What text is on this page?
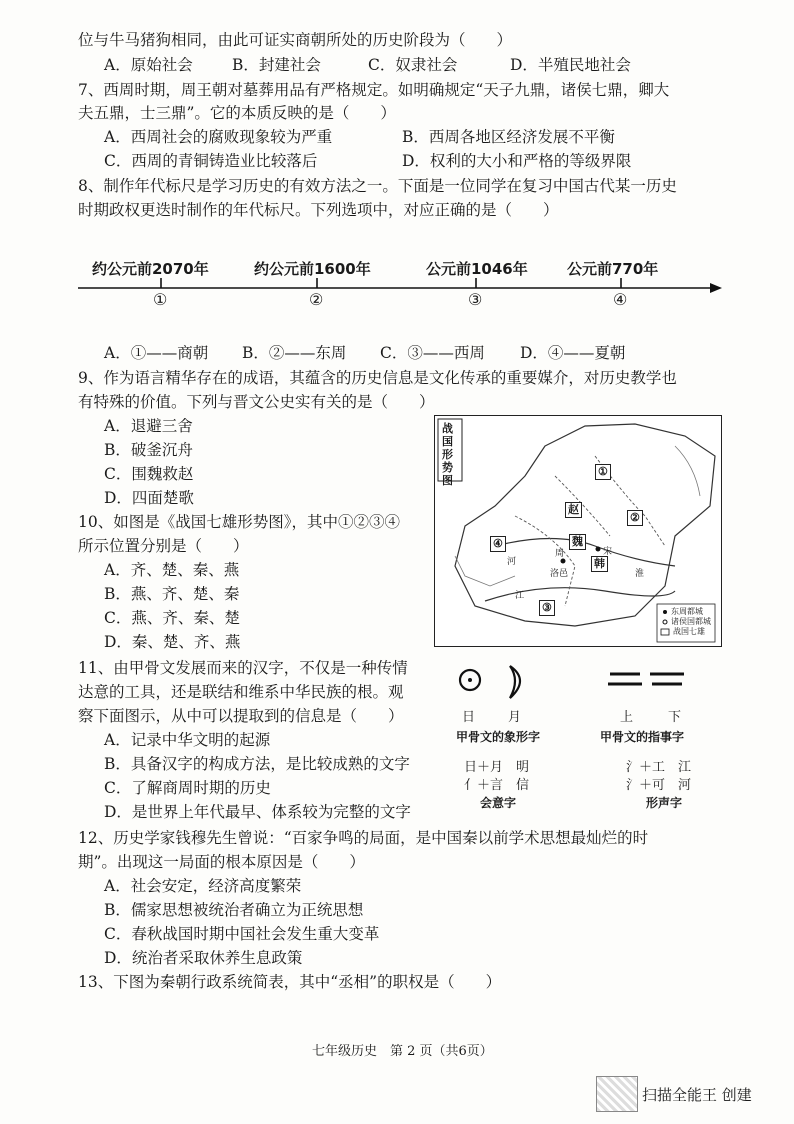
位与牛马猪狗相同，由此可证实商朝所处的历史阶段为（　　）
A．原始社会	B．封建社会	C．奴隶社会	D．半殖民地社会
7、西周时期，周王朝对墓葬用品有严格规定。如明确规定“天子九鼎，诸侯七鼎，卿大
夫五鼎，士三鼎”。它的本质反映的是（　　）
A．西周社会的腐败现象较为严重	B．西周各地区经济发展不平衡
C．西周的青铜铸造业比较落后	D．权利的大小和严格的等级界限
8、制作年代标尺是学习历史的有效方法之一。下面是一位同学在复习中国古代某一历史
时期政权更迭时制作的年代标尺。下列选项中，对应正确的是（　　）
约公元前2070年	约公元前1600年	公元前1046年	公元前770年
①	②	③	④
A．①——商朝 B．②——东周 C．③——西周 D．④——夏朝
9、作为语言精华存在的成语，其蕴含的历史信息是文化传承的重要媒介，对历史教学也
有特殊的价值。下列与晋文公史实有关的是（　　）
A．退避三舍
B．破釜沉舟
C．围魏救赵
D．四面楚歌
10、如图是《战国七雄形势图》，其中①②③④
所示位置分别是（　　）
A．齐、楚、秦、燕
B．燕、齐、楚、秦
C．燕、齐、秦、楚
D．秦、楚、齐、燕
战国形势图
①
②
③
④
赵
魏
韩
周
洛邑
宋
河
江
淮
东周都城
诸侯国都城
战国七雄
11、由甲骨文发展而来的汉字，不仅是一种传情
达意的工具，还是联结和维系中华民族的根。观
察下面图示，从中可以提取到的信息是（　　）
A．记录中华文明的起源
B．具备汉字的构成方法，是比较成熟的文字
C．了解商周时期的历史
D．是世界上年代最早、体系较为完整的文字
日	月	上	下
甲骨文的象形字	甲骨文的指事字
日＋月　明
亻＋言　信
会意字
氵＋工　江
氵＋可　河
形声字
12、历史学家钱穆先生曾说：“百家争鸣的局面，是中国秦以前学术思想最灿烂的时
期”。出现这一局面的根本原因是（　　）
A．社会安定，经济高度繁荣
B．儒家思想被统治者确立为正统思想
C．春秋战国时期中国社会发生重大变革
D．统治者采取休养生息政策
13、下图为秦朝行政系统简表，其中“丞相”的职权是（　　）
七年级历史　第 2 页（共6页）
扫描全能王 创建
